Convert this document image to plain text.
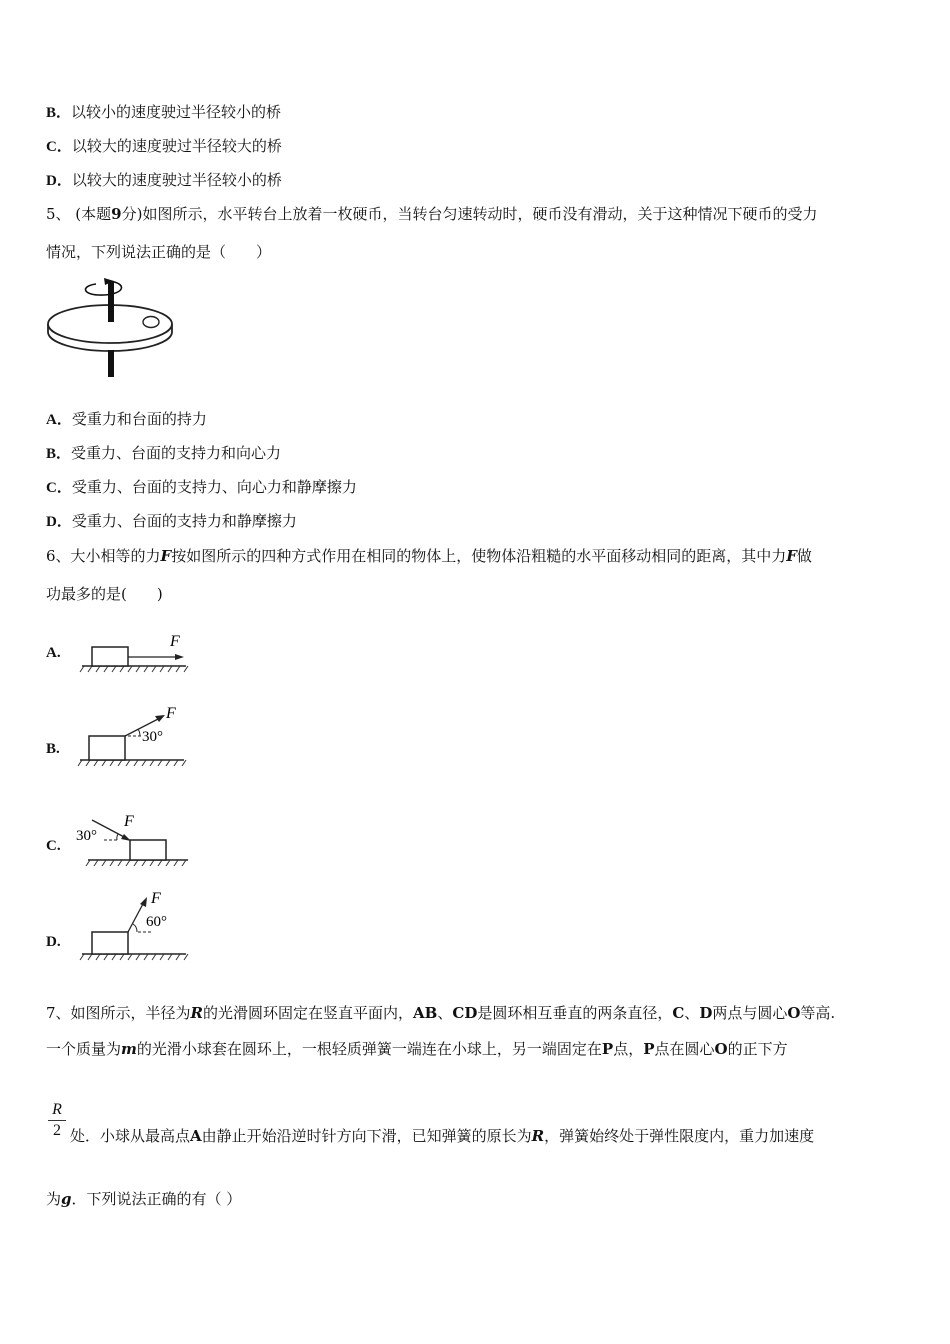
B．以较小的速度驶过半径较小的桥
C．以较大的速度驶过半径较大的桥
D．以较大的速度驶过半径较小的桥
5、 (本题9分)如图所示，水平转台上放着一枚硬币，当转台匀速转动时，硬币没有滑动，关于这种情况下硬币的受力
情况，下列说法正确的是（　　）
A．受重力和台面的持力
B．受重力、台面的支持力和向心力
C．受重力、台面的支持力、向心力和静摩擦力
D．受重力、台面的支持力和静摩擦力
6、大小相等的力F按如图所示的四种方式作用在相同的物体上，使物体沿粗糙的水平面移动相同的距离，其中力F做
功最多的是(　　)
A.
F
B.
F
30°
C.
F
30°
D.
F
60°
7、如图所示，半径为R的光滑圆环固定在竖直平面内，AB、CD是圆环相互垂直的两条直径，C、D两点与圆心O等高.
一个质量为m的光滑小球套在圆环上，一根轻质弹簧一端连在小球上，另一端固定在P点，P点在圆心O的正下方
R
2 处．小球从最高点A由静止开始沿逆时针方向下滑，已知弹簧的原长为R，弹簧始终处于弹性限度内，重力加速度
为g．下列说法正确的有（ ）
